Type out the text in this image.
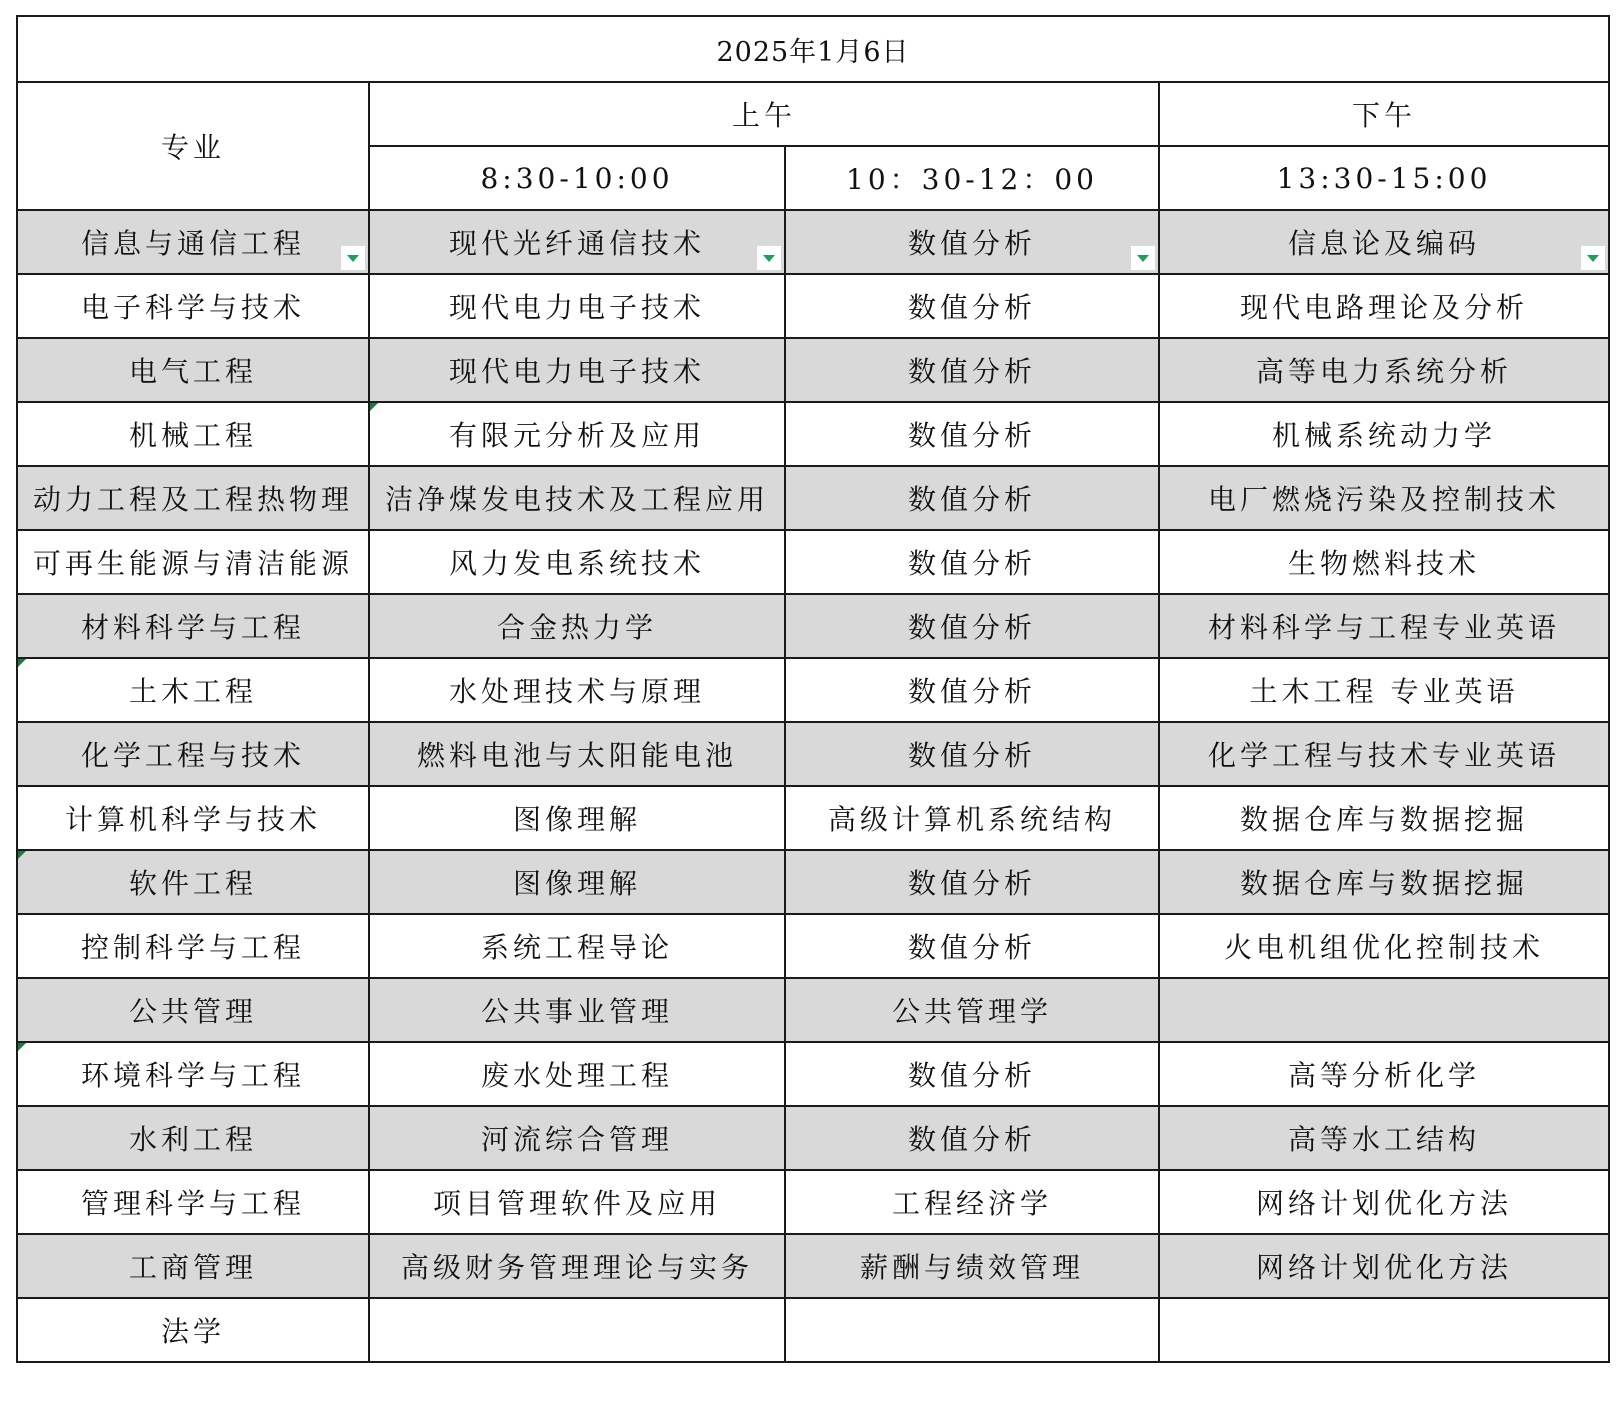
2025年1月6日			
专业	上午		下午
	8:30-10:00	10：30-12：00	13:30-15:00
信息与通信工程	现代光纤通信技术	数值分析	信息论及编码

电子科学与技术	现代电力电子技术	数值分析	现代电路理论及分析
电气工程	现代电力电子技术	数值分析	高等电力系统分析
机械工程	有限元分析及应用	数值分析	机械系统动力学
动力工程及工程热物理	洁净煤发电技术及工程应用	数值分析	电厂燃烧污染及控制技术
可再生能源与清洁能源	风力发电系统技术	数值分析	生物燃料技术
材料科学与工程	合金热力学	数值分析	材料科学与工程专业英语
土木工程	水处理技术与原理	数值分析	土木工程 专业英语
化学工程与技术	燃料电池与太阳能电池	数值分析	化学工程与技术专业英语
计算机科学与技术	图像理解	高级计算机系统结构	数据仓库与数据挖掘
软件工程	图像理解	数值分析	数据仓库与数据挖掘
控制科学与工程	系统工程导论	数值分析	火电机组优化控制技术
公共管理	公共事业管理	公共管理学	
环境科学与工程	废水处理工程	数值分析	高等分析化学
水利工程	河流综合管理	数值分析	高等水工结构
管理科学与工程	项目管理软件及应用	工程经济学	网络计划优化方法
工商管理	高级财务管理理论与实务	薪酬与绩效管理	网络计划优化方法
法学			
